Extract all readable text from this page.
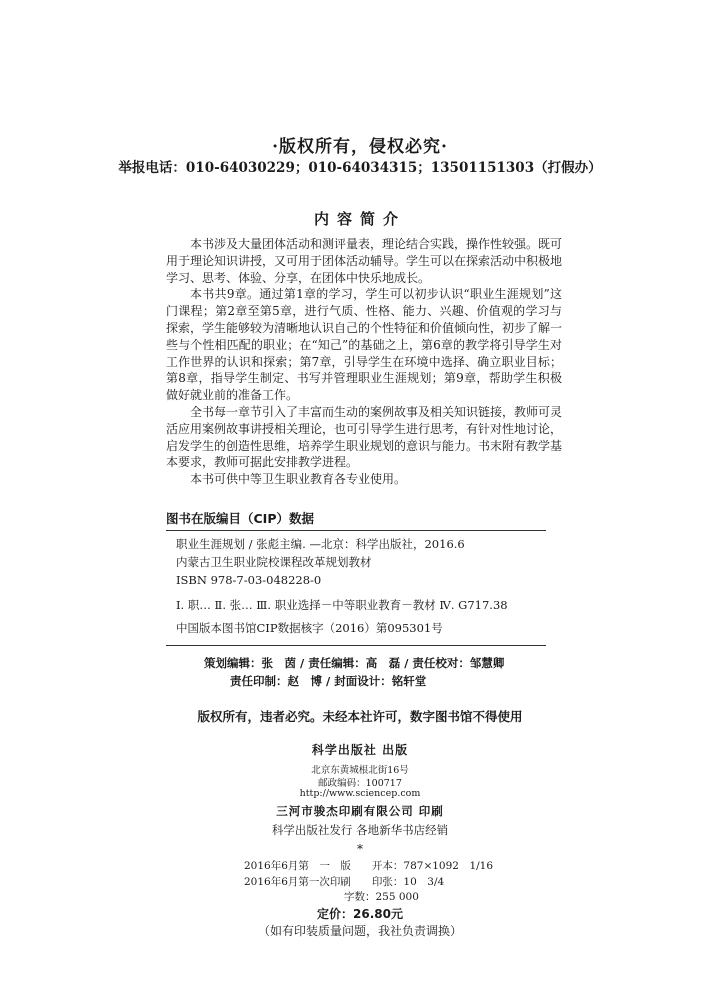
·版权所有，侵权必究·
举报电话：010-64030229；010-64034315；13501151303（打假办）
内容简介

本书涉及大量团体活动和测评量表，理论结合实践，操作性较强。既可用于理论知识讲授，又可用于团体活动辅导。学生可以在探索活动中积极地学习、思考、体验、分享，在团体中快乐地成长。

本书共9章。通过第1章的学习，学生可以初步认识“职业生涯规划”这门课程；第2章至第5章，进行气质、性格、能力、兴趣、价值观的学习与探索，学生能够较为清晰地认识自己的个性特征和价值倾向性，初步了解一些与个性相匹配的职业；在“知己”的基础之上，第6章的教学将引导学生对工作世界的认识和探索；第7章，引导学生在环境中选择、确立职业目标；第8章，指导学生制定、书写并管理职业生涯规划；第9章，帮助学生积极做好就业前的准备工作。

全书每一章节引入了丰富而生动的案例故事及相关知识链接，教师可灵活应用案例故事讲授相关理论，也可引导学生进行思考，有针对性地讨论，启发学生的创造性思维，培养学生职业规划的意识与能力。书末附有教学基本要求，教师可据此安排教学进程。

本书可供中等卫生职业教育各专业使用。

图书在版编目（CIP）数据
职业生涯规划 / 张彪主编. —北京：科学出版社，2016.6
内蒙古卫生职业院校课程改革规划教材
ISBN 978-7-03-048228-0
Ⅰ. 职… Ⅱ. 张… Ⅲ. 职业选择－中等职业教育－教材 Ⅳ. G717.38
中国版本图书馆CIP数据核字（2016）第095301号
策划编辑：张　茵 / 责任编辑：高　磊 / 责任校对：邹慧卿
责任印制：赵　博 / 封面设计：铭轩堂
版权所有，违者必究。未经本社许可，数字图书馆不得使用
科学出版社 出版
北京东黄城根北街16号
邮政编码：100717
http://www.sciencep.com
三河市骏杰印刷有限公司 印刷
科学出版社发行 各地新华书店经销
*
2016年6月第　一　版　　开本：787×1092　1/16
2016年6月第一次印刷　　印张：10　3/4
字数：255 000
定价：26.80元
（如有印装质量问题，我社负责调换）
